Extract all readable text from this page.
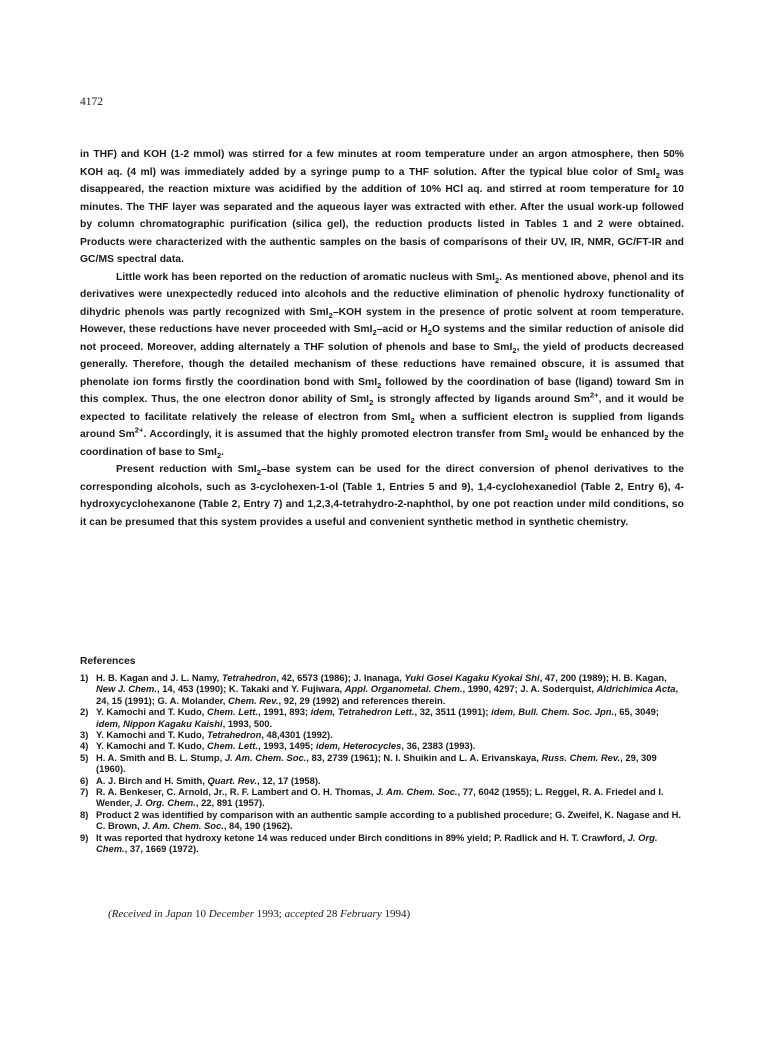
4172

in THF) and KOH (1-2 mmol) was stirred for a few minutes at room temperature under an argon atmosphere, then 50% KOH aq. (4 ml) was immediately added by a syringe pump to a THF solution. After the typical blue color of SmI$_2$ was disappeared, the reaction mixture was acidified by the addition of 10% HCl aq. and stirred at room temperature for 10 minutes. The THF layer was separated and the aqueous layer was extracted with ether. After the usual work-up followed by column chromatographic purification (silica gel), the reduction products listed in Tables 1 and 2 were obtained. Products were characterized with the authentic samples on the basis of comparisons of their UV, IR, NMR, GC/FT-IR and GC/MS spectral data.

Little work has been reported on the reduction of aromatic nucleus with SmI$_2$. As mentioned above, phenol and its derivatives were unexpectedly reduced into alcohols and the reductive elimination of phenolic hydroxy functionality of dihydric phenols was partly recognized with SmI$_2$–KOH system in the presence of protic solvent at room temperature. However, these reductions have never proceeded with SmI$_2$–acid or $H_2O$ systems and the similar reduction of anisole did not proceed. Moreover, adding alternately a THF solution of phenols and base to SmI$_2$, the yield of products decreased generally. Therefore, though the detailed mechanism of these reductions have remained obscure, it is assumed that phenolate ion forms firstly the coordination bond with SmI$_2$ followed by the coordination of base (ligand) toward Sm in this complex. Thus, the one electron donor ability of SmI$_2$ is strongly affected by ligands around $Sm^{2+}$, and it would be expected to facilitate relatively the release of electron from SmI$_2$ when a sufficient electron is supplied from ligands around $Sm^{2+}$. Accordingly, it is assumed that the highly promoted electron transfer from SmI$_2$ would be enhanced by the coordination of base to SmI$_2$.

Present reduction with SmI$_2$–base system can be used for the direct conversion of phenol derivatives to the corresponding alcohols, such as 3-cyclohexen-1-ol (Table 1, Entries 5 and 9), 1,4-cyclohexanediol (Table 2, Entry 6), 4-hydroxycyclohexanone (Table 2, Entry 7) and 1,2,3,4-tetrahydro-2-naphthol, by one pot reaction under mild conditions, so it can be presumed that this system provides a useful and convenient synthetic method in synthetic chemistry.

References
1) H. B. Kagan and J. L. Namy, Tetrahedron, 42, 6573 (1986); J. Inanaga, Yuki Gosei Kagaku Kyokai Shi, 47, 200 (1989); H. B. Kagan, New J. Chem., 14, 453 (1990); K. Takaki and Y. Fujiwara, Appl. Organometal. Chem., 1990, 4297; J. A. Soderquist, Aldrichimica Acta, 24, 15 (1991); G. A. Molander, Chem. Rev., 92, 29 (1992) and references therein.
2) Y. Kamochi and T. Kudo, Chem. Lett., 1991, 893; idem, Tetrahedron Lett., 32, 3511 (1991); idem, Bull. Chem. Soc. Jpn., 65, 3049; idem, Nippon Kagaku Kaishi, 1993, 500.
3) Y. Kamochi and T. Kudo, Tetrahedron, 48,4301 (1992).
4) Y. Kamochi and T. Kudo, Chem. Lett., 1993, 1495; idem, Heterocycles, 36, 2383 (1993).
5) H. A. Smith and B. L. Stump, J. Am. Chem. Soc., 83, 2739 (1961); N. I. Shuikin and L. A. Erivanskaya, Russ. Chem. Rev., 29, 309 (1960).
6) A. J. Birch and H. Smith, Quart. Rev., 12, 17 (1958).
7) R. A. Benkeser, C. Arnold, Jr., R. F. Lambert and O. H. Thomas, J. Am. Chem. Soc., 77, 6042 (1955); L. Reggel, R. A. Friedel and I. Wender, J. Org. Chem., 22, 891 (1957).
8) Product 2 was identified by comparison with an authentic sample according to a published procedure; G. Zweifel, K. Nagase and H. C. Brown, J. Am. Chem. Soc., 84, 190 (1962).
9) It was reported that hydroxy ketone 14 was reduced under Birch conditions in 89% yield; P. Radlick and H. T. Crawford, J. Org. Chem., 37, 1669 (1972).
(Received in Japan 10 December 1993; accepted 28 February 1994)
